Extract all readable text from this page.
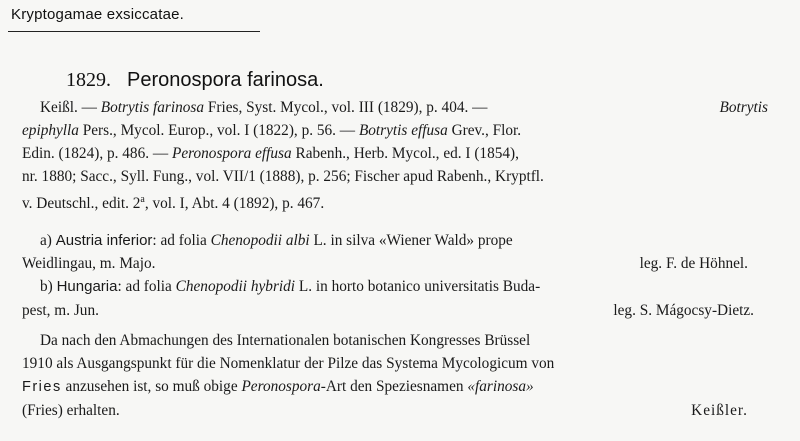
Kryptogamae exsiccatae.
1829. Peronospora farinosa.
Keißl. — Botrytis farinosa Fries, Syst. Mycol., vol. III (1829), p. 404. —	Botrytis
epiphylla Pers., Mycol. Europ., vol. I (1822), p. 56. — Botrytis effusa Grev., Flor.
Edin. (1824), p. 486. — Peronospora effusa Rabenh., Herb. Mycol., ed. I (1854),
nr. 1880; Sacc., Syll. Fung., vol. VII/1 (1888), p. 256; Fischer apud Rabenh., Kryptfl.
v. Deutschl., edit. 2$^a$, vol. I, Abt. 4 (1892), p. 467.
a) Austria inferior: ad folia Chenopodii albi L. in silva «Wiener Wald» prope
Weidlingau, m. Majo.	leg. F. de Höhnel.
b) Hungaria: ad folia Chenopodii hybridi L. in horto botanico universitatis Buda-
pest, m. Jun.	leg. S. Mágocsy-Dietz.
Da nach den Abmachungen des Internationalen botanischen Kongresses Brüssel
1910 als Ausgangspunkt für die Nomenklatur der Pilze das Systema Mycologicum von
Fries anzusehen ist, so muß obige Peronospora-Art den Speziesnamen «farinosa»
(Fries) erhalten.	Keißler.
